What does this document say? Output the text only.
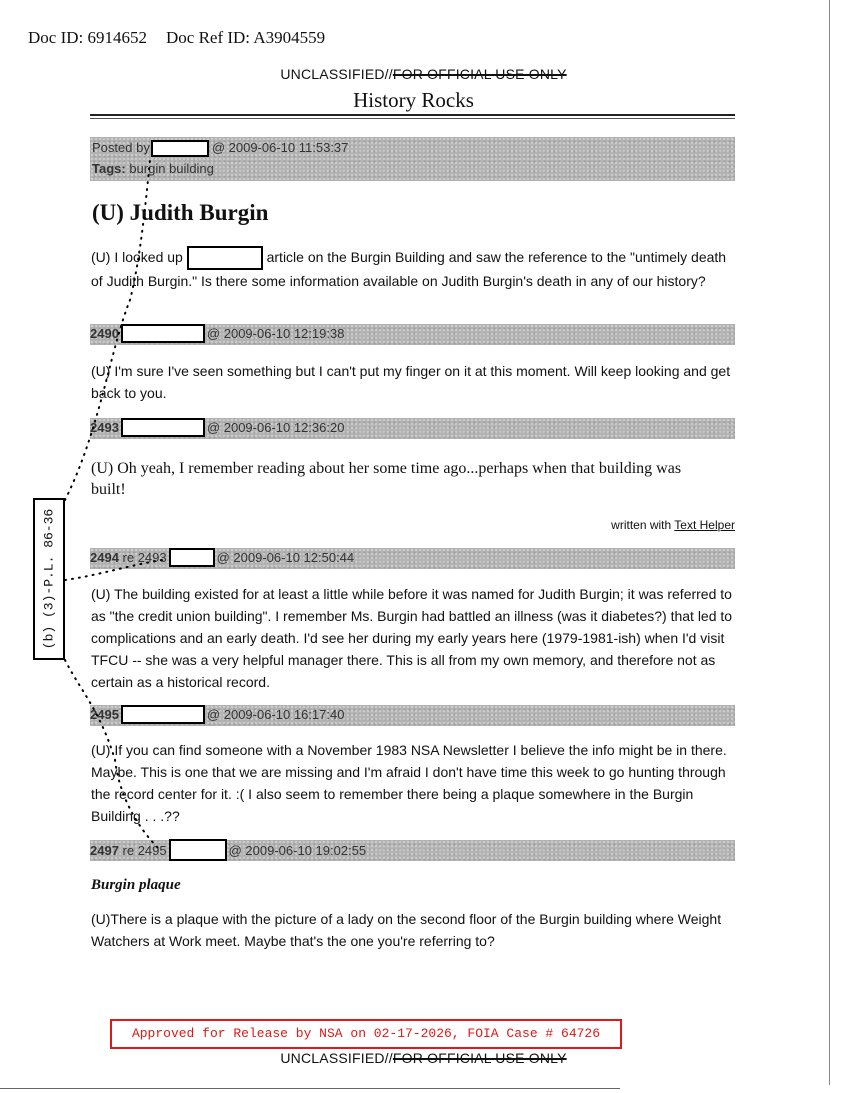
Doc ID: 6914652 Doc Ref ID: A3904559
UNCLASSIFIED//FOR OFFICIAL USE ONLY
History Rocks
Posted by	@ 2009-06-10 11:53:37
Tags: burgin building
(U) Judith Burgin
(U) I looked up	article on the Burgin Building and saw the reference to the "untimely death of Judith Burgin." Is there some information available on Judith Burgin's death in any of our history?
2490	@ 2009-06-10 12:19:38
(U) I'm sure I've seen something but I can't put my finger on it at this moment. Will keep looking and get back to you.
2493	@ 2009-06-10 12:36:20
(U) Oh yeah, I remember reading about her some time ago...perhaps when that building was built!
written with Text Helper
2494 re 2493	@ 2009-06-10 12:50:44
(U) The building existed for at least a little while before it was named for Judith Burgin; it was referred to as "the credit union building". I remember Ms. Burgin had battled an illness (was it diabetes?) that led to complications and an early death. I'd see her during my early years here (1979-1981-ish) when I'd visit TFCU -- she was a very helpful manager there. This is all from my own memory, and therefore not as certain as a historical record.
2495	@ 2009-06-10 16:17:40
(U) If you can find someone with a November 1983 NSA Newsletter I believe the info might be in there. Maybe. This is one that we are missing and I'm afraid I don't have time this week to go hunting through the record center for it. :( I also seem to remember there being a plaque somewhere in the Burgin Building . . .??
2497 re 2495	@ 2009-06-10 19:02:55
Burgin plaque
(U)There is a plaque with the picture of a lady on the second floor of the Burgin building where Weight Watchers at Work meet. Maybe that's the one you're referring to?
(b) (3)-P.L. 86-36
Approved for Release by NSA on 02-17-2026, FOIA Case # 64726
UNCLASSIFIED//FOR OFFICIAL USE ONLY
